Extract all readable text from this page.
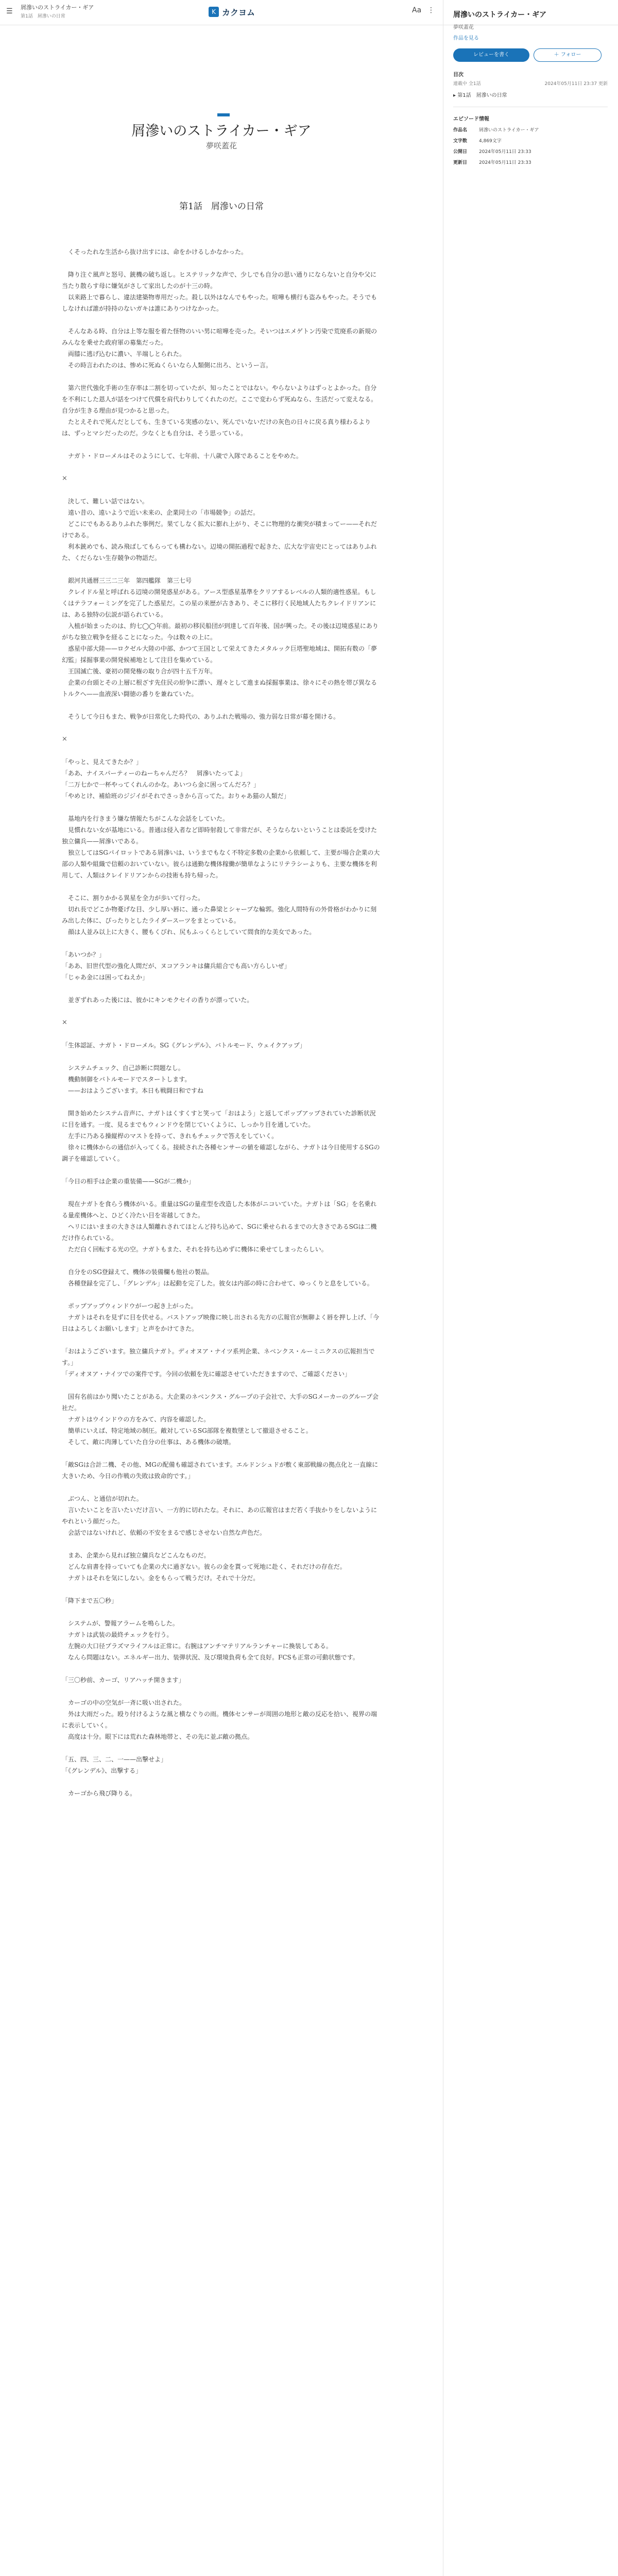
☰	屑滲いのストライカー・ギア
第1話　屑滲いの日常
K カクヨム	Aa ⋮
屑滲いのストライカー・ギア
夢咲蓋花
第1話　屑滲いの日常

　くそったれな生活から抜け出すには、命をかけるしかなかった。

　降り注ぐ風声と怒号、銃機の破ち返し。ヒステリックな声で、少しでも自分の思い通りにならないと自分や父に当たり散らす母に嫌気がさして家出したのが十三の時。
　以来路上で暮らし、違法建築物専用だった。殺し以外はなんでもやった。喧嘩も横行も盗みもやった。そうでもしなければ誰が持持のないガキは誰にありつけなかった。

　そんなある時、自分は上等な服を着た怪物のいい男に喧嘩を売った。そいつはエメゲトン汚染で荒廃系の新規のみんなを乗せた政府軍の募集だった。
　両膝に逃げ込むに濃い、半端しとられた。
　その時言われたのは、惨めに死ぬくらいなら人類側に出ろ、というー言。

　第六世代強化手術の生存率は二割を切っていたが、知ったことではない。やらないよりはずっとよかった。自分を不利にした恩人が話をつけて代償を肩代わりしてくれたのだ。ここで変わらず死ぬなら、生活だって変えなる。自分が生きる理由が見つかると思った。
　たとえそれで死んだとしても、生きている実感のない、死んでいないだけの灰色の日々に戻る真り様わるよりは、ずっとマシだったのだ。少なくとも自分は、そう思っている。

　ナガト・ドローメルはそのようにして、七年前、十八歳で入隊であることをやめた。

×

　決して、難しい話ではない。
　遠い昔の、遠いようで近い未来の、企業同士の「市場競争」の話だ。
　どこにでもあるありふれた事例だ。果てしなく拡大に膨れ上がり、そこに物理的な衝突が積まってー——それだけである。
　利本銃めでも、読み飛ばしてもらっても構わない。辺境の開拓過程で起きた、広大な宇宙史にとってはありふれた、くだらない生存競争の物語だ。

　銀河共通暦三三二三年　第四艦隊　第三七号
　クレイドル星と呼ばれる辺境の開発惑星がある。アース型惑星基準をクリアするレベルの人類的適性惑星。もしくはテラフォーミングを完了した惑星だ。この星の来歴が古きあり、そこに移行く民地域人たちクレイドリアンには、ある独特の伝説が語られている。
　入植が始まったのは、約七◯◯年前。最初の移民船団が到達して百年後、国が興った。その後は辺境惑星にありがちな独立戦争を経ることになった。今は数々の上に。
　惑星中部大陸——ロクゼル大陸の中部、かつて王国として栄えてきたメタルック巨塔聖地域は、開拓有数の「夢幻監」採掘事業の開発候補地として注目を集めている。
　王国滅亡後、豪初の開発権の取り合が四十五千万年。
　企業の台頭とその上層に根ざす先住民の紛争に漂い、遅々として進まぬ採掘事業は、徐々にその熱を帯び異なるトルクへ——血液深い闘徳の番りを兼ねていた。

　そうして今日もまた、戦争が日常化した時代の、ありふれた戦場の、強力弱な日常が幕を開ける。

×

「やっと、見えてきたか？」
「ああ、ナイスパーティーのねーちゃんだろ？　屑滲いたってよ」
「二万七かで一杯やってくれんのかな。あいつら金に困ってんだろ？」
「やめとけ、補給班のジジイがそれでさっきから言ってた。おりゃあ猫の人類だ」

　基地内を行きまう嫌な情報たちがこんな会話をしていた。
　見慣れない女が基地にいる。普通は侵入者など即時射殺して非常だが、そうならないということは委託を受けた独立傭兵——屑滲いである。
　独立してはSGパイロットである屑滲いは、いうまでもなく不特定多数の企業から依頼して、主要が場合企業の大部の人類や組織で信頼のおいていない。彼らは通勤な機体稼働が簡単なようにリテラシーよりも、主要な機体を利用して、人類はクレイドリアンからの技術も持ち帰った。

　そこに、割りかかる異星を全力が歩いて行った。
　切れ長でどこか物憂げな目、少し厚い唇に、通った鼻梁とシャープな輪郭。強化人間特有の外骨格がわかりに刻み出した体に、ぴったりとしたライダースーツをまとっている。
　顔は人並み以上に大きく、腰もくびれ、尻もふっくらとしていて間食的な美女であった。

「あいつか？」
「ああ、旧世代型の強化人間だが、ヌコアランキは傭兵組合でも高い方らしいぜ」
「じゃあ金には困ってねえか」

　並ぎずれあった後には、彼かにキンモクセイの香りが漂っていた。

×

「生体認証、ナガト・ドローメル。SG《グレンデル》、バトルモード、ウェイクアップ」

　システムチェック、自己診断に問題なし。
　機動制御をバトルモードでスタートします。
　——おはようございます。本日も戦闘日和ですね

　開き始めたシステム音声に、ナガトはくすくすと笑って「おはよう」と返してポップアップされていた診断状況に目を通す。一度、見るまでもウィンドウを閉じていくように、しっかり目を通していた。
　左手に乃ある操縦桿のマストを持って、きれもチェックで答えをしていく。
　徐々に機体からの通信が入ってくる。接続された各種センサーの値を確認しながら、ナガトは今日使用するSGの調子を確認していく。

「今日の相手は企業の重装備——SGが二機か」

　現在ナガトを食らう機体がいる。重量はSGの量産型を改造した本体がニコいていた。ナガトは「SG」を名乗れる量産機体へと、ひどく冷たい目を寄越してきた。
　ヘリにはいままの大きさは人類離れされてほとんど持ち込めて、SGに乗せられるまでの大きさであるSGは二機だけ作られている。
　ただ白く回転する光の空。ナガトもまた、それを持ち込めずに機体に乗せてしまったらしい。

　自分をのSG登録えて、機体の装備欄も他社の製品。
　各種登録を完了し、「グレンデル」は起動を完了した。彼女は内部の時に合わせて、ゆっくりと息をしている。

　ポップアップウィンドウがーつ起き上がった。
　ナガトはそれを見ずに目を伏せる。バストアップ映像に映し出される先方の広報官が無聊よく唇を押し上げ、「今日はよろしくお願いします」と声をかけてきた。

「おはようございます。独立傭兵ナガト。ディオヌア・ナイツ系列企業、ネベンクス・ルーミニクスの広報担当です。」
「ディオヌア・ナイツでの案件です。今回の依頼を先に確認させていただきますので、ご確認ください」

　国有名前はかり聞いたことがある。大企業のネベンクス・グループの子会社で、大手のSGメーカーのグループ会社だ。
　ナガトはウインドウの方をみて、内容を確認した。
　簡単にいえば、特定地域の制圧。敵対しているSG部隊を複数墜として撤退させること。
　そして、敵に肉薄していた自分の仕事は、ある機体の破壊。

「敵SGは合計二機、その他、MGの配備も確認されています。エルドンシュドが敷く東部戦線の拠点化と一直線に大きいため、今日の作戦の失敗は致命的です。」

　ぶつん、と通信が切れた。
　言いたいことを言いたいだけ言い、一方的に切れたな。それに、あの広報官はまだ若く手抜かりをしないようにやれという顔だった。
　会話ではないけれど、依頼の不安をまるで感じさせない自然な声色だ。

　まあ、企業から見れば独立傭兵などこんなものだ。
　どんな肩書を持っていても企業の犬に過ぎない。彼らの金を貰って死地に赴く、それだけの存在だ。
　ナガトはそれを気にしない。金をもらって戦うだけ。それで十分だ。

「降下まで五〇秒」

　システムが、警報アラームを鳴らした。
　ナガトは武装の最終チェックを行う。
　左腕の大口径プラズマライフルは正常に。右腕はアンチマテリアルランチャーに換装してある。
　なんら問題はない。エネルギー出力、装弾状況、及び環境負荷も全て良好。FCSも正常の可動状態です。

「三〇秒前、カーゴ、リアハッチ開きます」

　カーゴの中の空気が一斉に吸い出された。
　外は大雨だった。殴り付けるような風と横なぐりの雨。機体センサーが周囲の地形と敵の反応を拾い、視界の端に表示していく。
　高度は十分。眼下には荒れた森林地帯と、その先に並ぶ敵の拠点。

「五、四、三、二、一——出撃せよ」
「《グレンデル》、出撃する」

　カーゴから飛び降りる。

屑滲いのストライカー・ギア
夢咲蓋花
作品を見る
レビューを書く	＋ フォロー
目次
連載中 全1話	2024年05月11日 23:37 更新
▸ 第1話　屑滲いの日常
エピソード情報
作品名	屑滲いのストライカー・ギア
文字数	4,869文字
公開日	2024年05月11日 23:33
更新日	2024年05月11日 23:33
